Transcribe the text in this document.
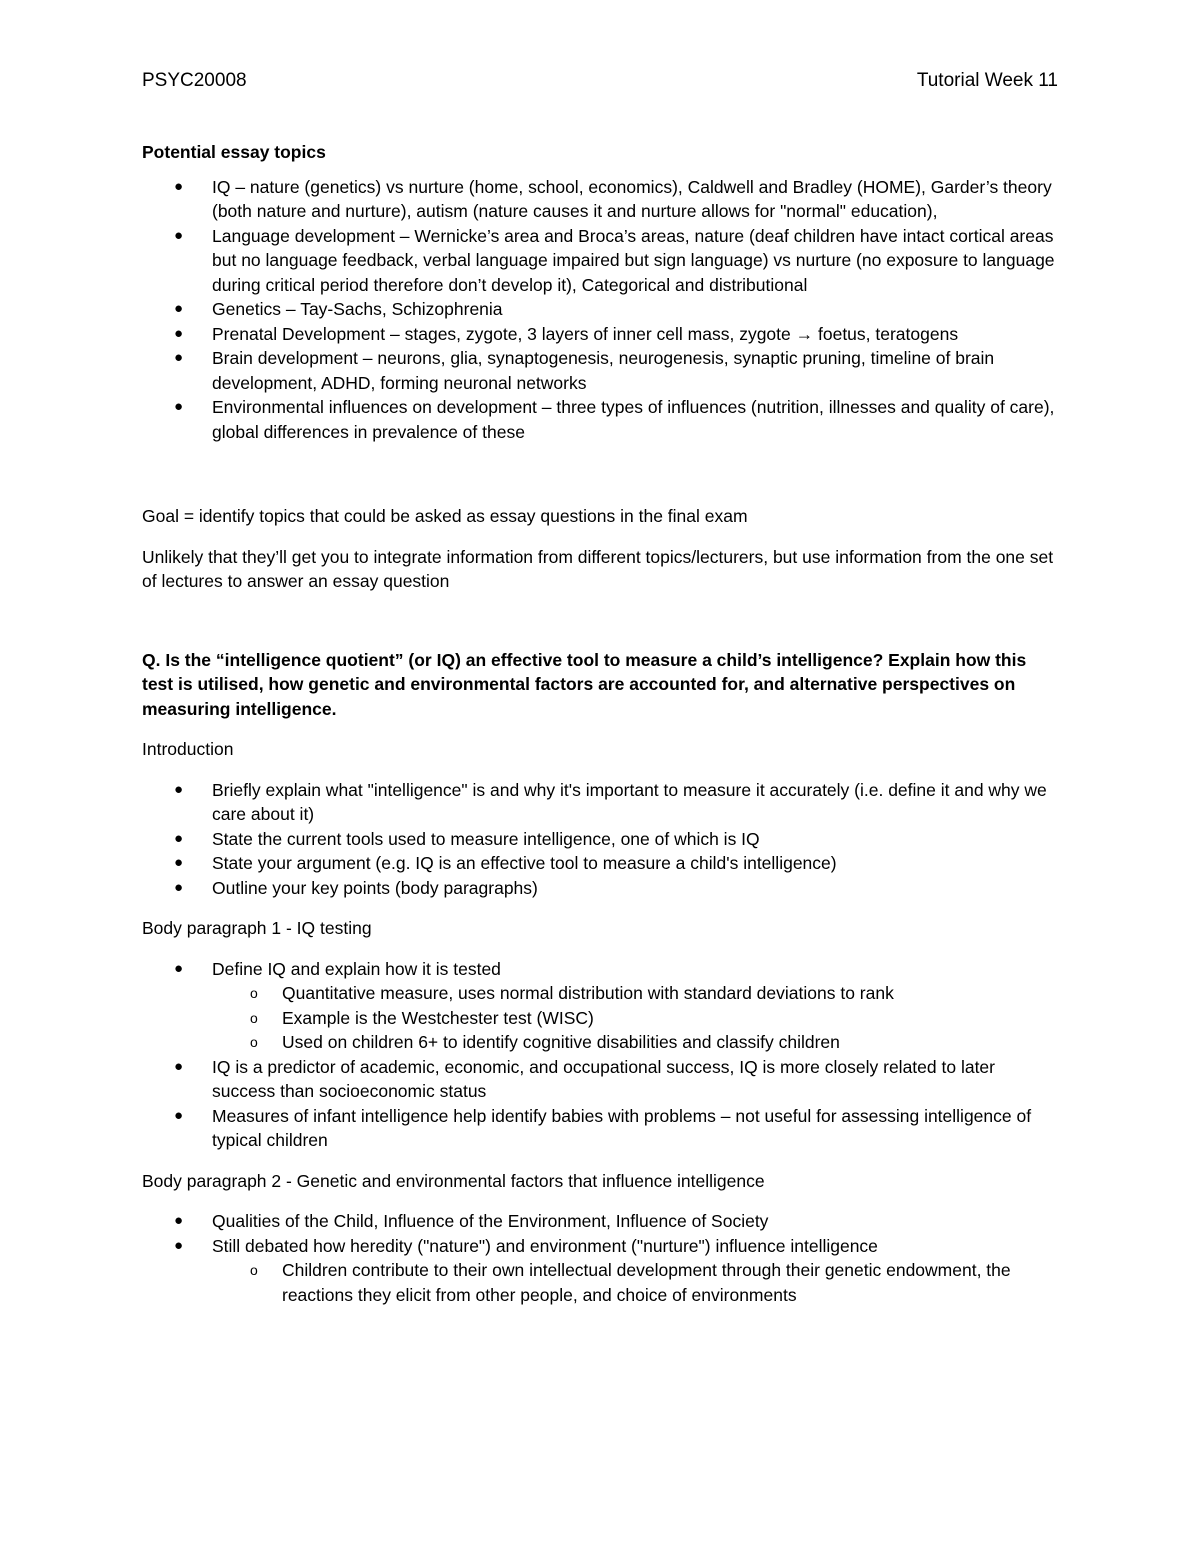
PSYC20008	Tutorial Week 11

Potential essay topics

● IQ – nature (genetics) vs nurture (home, school, economics), Caldwell and Bradley (HOME), Garder’s theory (both nature and nurture), autism (nature causes it and nurture allows for "normal" education),
● Language development – Wernicke’s area and Broca’s areas, nature (deaf children have intact cortical areas but no language feedback, verbal language impaired but sign language) vs nurture (no exposure to language during critical period therefore don’t develop it), Categorical and distributional
● Genetics – Tay-Sachs, Schizophrenia
● Prenatal Development – stages, zygote, 3 layers of inner cell mass, zygote → foetus, teratogens
● Brain development – neurons, glia, synaptogenesis, neurogenesis, synaptic pruning, timeline of brain development, ADHD, forming neuronal networks
● Environmental influences on development – three types of influences (nutrition, illnesses and quality of care), global differences in prevalence of these

Goal = identify topics that could be asked as essay questions in the final exam

Unlikely that they’ll get you to integrate information from different topics/lecturers, but use information from the one set of lectures to answer an essay question

Q. Is the “intelligence quotient” (or IQ) an effective tool to measure a child’s intelligence? Explain how this test is utilised, how genetic and environmental factors are accounted for, and alternative perspectives on measuring intelligence.

Introduction

● Briefly explain what "intelligence" is and why it's important to measure it accurately (i.e. define it and why we care about it)
● State the current tools used to measure intelligence, one of which is IQ
● State your argument (e.g. IQ is an effective tool to measure a child's intelligence)
● Outline your key points (body paragraphs)

Body paragraph 1 - IQ testing

● Define IQ and explain how it is tested
o Quantitative measure, uses normal distribution with standard deviations to rank
o Example is the Westchester test (WISC)
o Used on children 6+ to identify cognitive disabilities and classify children
● IQ is a predictor of academic, economic, and occupational success, IQ is more closely related to later success than socioeconomic status
● Measures of infant intelligence help identify babies with problems – not useful for assessing intelligence of typical children

Body paragraph 2 - Genetic and environmental factors that influence intelligence

● Qualities of the Child, Influence of the Environment, Influence of Society
● Still debated how heredity ("nature") and environment ("nurture") influence intelligence
o Children contribute to their own intellectual development through their genetic endowment, the reactions they elicit from other people, and choice of environments
